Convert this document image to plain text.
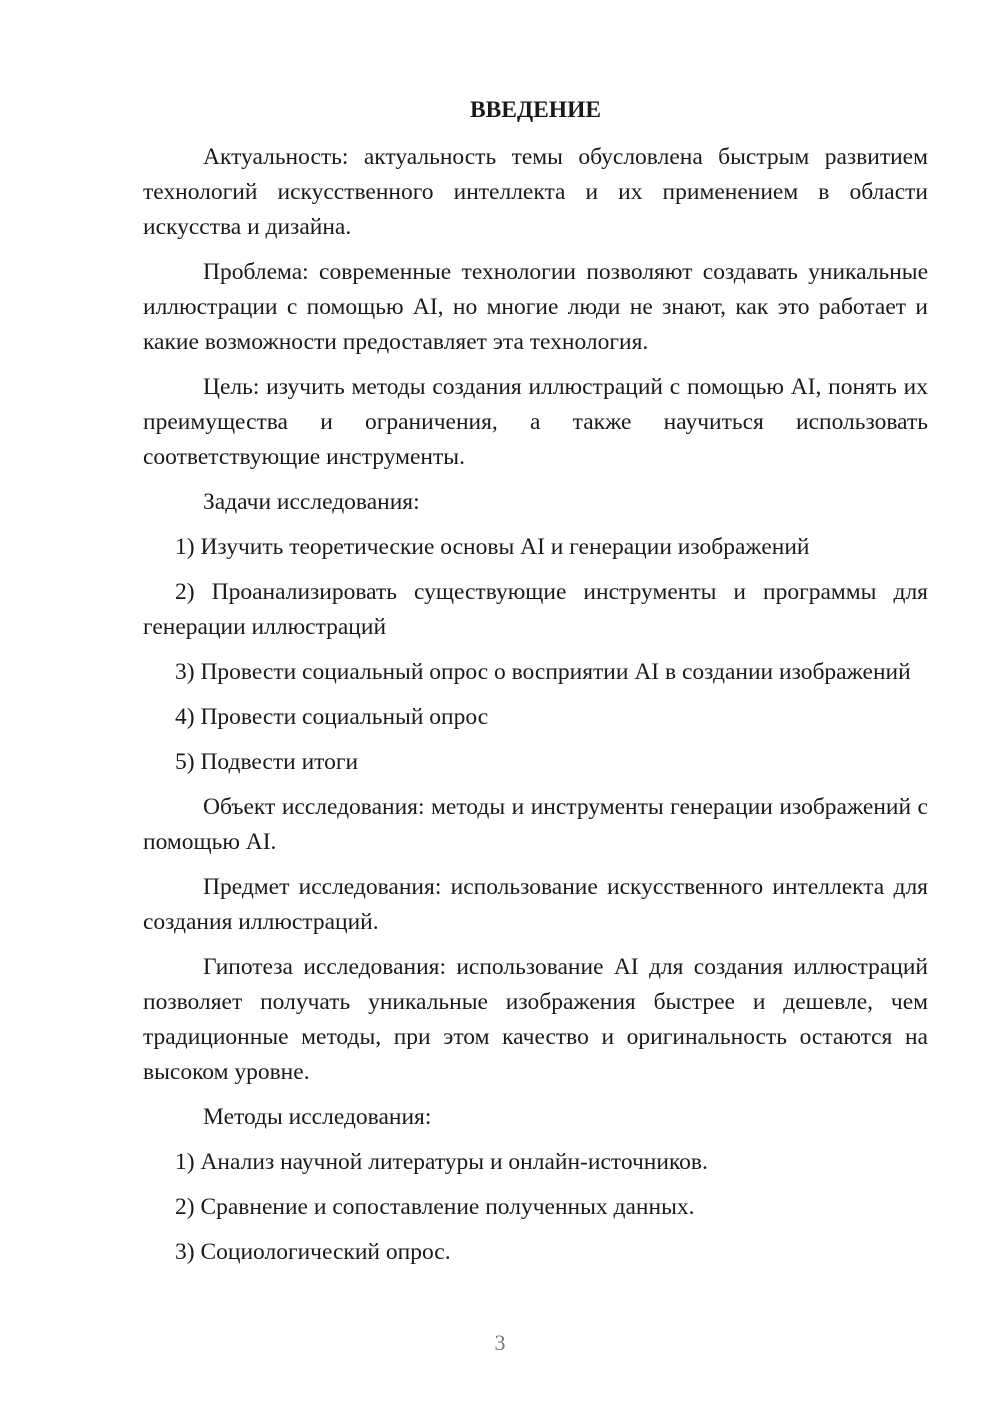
ВВЕДЕНИЕ

Актуальность: актуальность темы обусловлена быстрым развитием технологий искусственного интеллекта и их применением в области искусства и дизайна.

Проблема: современные технологии позволяют создавать уникальные иллюстрации с помощью AI, но многие люди не знают, как это работает и какие возможности предоставляет эта технология.

Цель: изучить методы создания иллюстраций с помощью AI, понять их преимущества и ограничения, а также научиться использовать соответствующие инструменты.

Задачи исследования:

1) Изучить теоретические основы AI и генерации изображений

2) Проанализировать существующие инструменты и программы для генерации иллюстраций

3) Провести социальный опрос о восприятии AI в создании изображений

4) Провести социальный опрос

5) Подвести итоги

Объект исследования: методы и инструменты генерации изображений с помощью AI.

Предмет исследования: использование искусственного интеллекта для создания иллюстраций.

Гипотеза исследования: использование AI для создания иллюстраций позволяет получать уникальные изображения быстрее и дешевле, чем традиционные методы, при этом качество и оригинальность остаются на высоком уровне.

Методы исследования:

1) Анализ научной литературы и онлайн-источников.

2) Сравнение и сопоставление полученных данных.

3) Социологический опрос.

3
